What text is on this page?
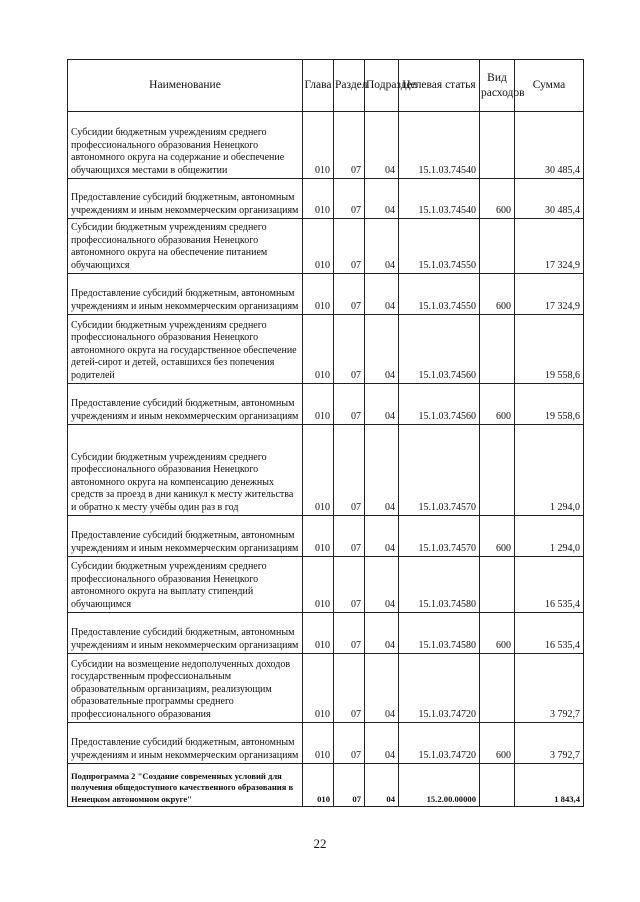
Наименование	Глава	Раздел	Подраздел	Целевая статья	Вид расходов	Сумма
Субсидии бюджетным учреждениям среднего профессионального образования Ненецкого автономного округа на содержание и обеспечение обучающихся местами в общежитии	010	07	04	15.1.03.74540		30 485,4
Предоставление субсидий бюджетным, автономным учреждениям и иным некоммерческим организациям	010	07	04	15.1.03.74540	600	30 485,4
Субсидии бюджетным учреждениям среднего профессионального образования Ненецкого автономного округа на обеспечение питанием обучающихся	010	07	04	15.1.03.74550		17 324,9
Предоставление субсидий бюджетным, автономным учреждениям и иным некоммерческим организациям	010	07	04	15.1.03.74550	600	17 324,9
Субсидии бюджетным учреждениям среднего профессионального образования Ненецкого автономного округа на государственное обеспечение детей-сирот и детей, оставшихся без попечения родителей	010	07	04	15.1.03.74560		19 558,6
Предоставление субсидий бюджетным, автономным учреждениям и иным некоммерческим организациям	010	07	04	15.1.03.74560	600	19 558,6
Субсидии бюджетным учреждениям среднего профессионального образования Ненецкого автономного округа на компенсацию денежных средств за проезд в дни каникул к месту жительства и обратно к месту учёбы один раз в год	010	07	04	15.1.03.74570		1 294,0
Предоставление субсидий бюджетным, автономным учреждениям и иным некоммерческим организациям	010	07	04	15.1.03.74570	600	1 294,0
Субсидии бюджетным учреждениям среднего профессионального образования Ненецкого автономного округа на выплату стипендий обучающимся	010	07	04	15.1.03.74580		16 535,4
Предоставление субсидий бюджетным, автономным учреждениям и иным некоммерческим организациям	010	07	04	15.1.03.74580	600	16 535,4
Субсидии на возмещение недополученных доходов государственным профессиональным образовательным организациям, реализующим образовательные программы среднего профессионального образования	010	07	04	15.1.03.74720		3 792,7
Предоставление субсидий бюджетным, автономным учреждениям и иным некоммерческим организациям	010	07	04	15.1.03.74720	600	3 792,7
Подпрограмма 2 "Создание современных условий для получения общедоступного качественного образования в Ненецком автономном округе"	010	07	04	15.2.00.00000		1 843,4
22
